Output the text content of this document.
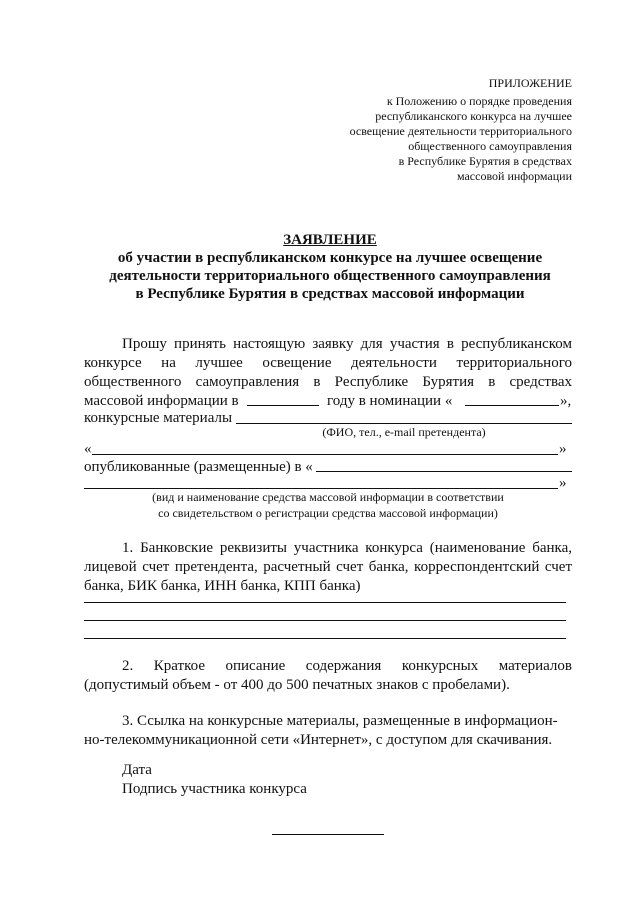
ПРИЛОЖЕНИЕ
к Положению о порядке проведения
республиканского конкурса на лучшее
освещение деятельности территориального
общественного самоуправления
в Республике Бурятия в средствах
массовой информации
ЗАЯВЛЕНИЕ
об участии в республиканском конкурсе на лучшее освещение
деятельности территориального общественного самоуправления
в Республике Бурятия в средствах массовой информации
Прошу принять настоящую заявку для участия в республиканском
конкурсе на лучшее освещение деятельности территориального
общественного самоуправления в Республике Бурятия в средствах
массовой информации в	году в номинации «	»,
конкурсные материалы
(ФИО, тел., e-mail претендента)
«	»
опубликованные (размещенные) в «
»
(вид и наименование средства массовой информации в соответствии
со свидетельством о регистрации средства массовой информации)
1. Банковские реквизиты участника конкурса (наименование банка,
лицевой счет претендента, расчетный счет банка, корреспондентский счет
банка, БИК банка, ИНН банка, КПП банка)
2. Краткое описание содержания конкурсных материалов
(допустимый объем - от 400 до 500 печатных знаков с пробелами).
3. Ссылка на конкурсные материалы, размещенные в информацион-
но-телекоммуникационной сети «Интернет», с доступом для скачивания.
Дата
Подпись участника конкурса
